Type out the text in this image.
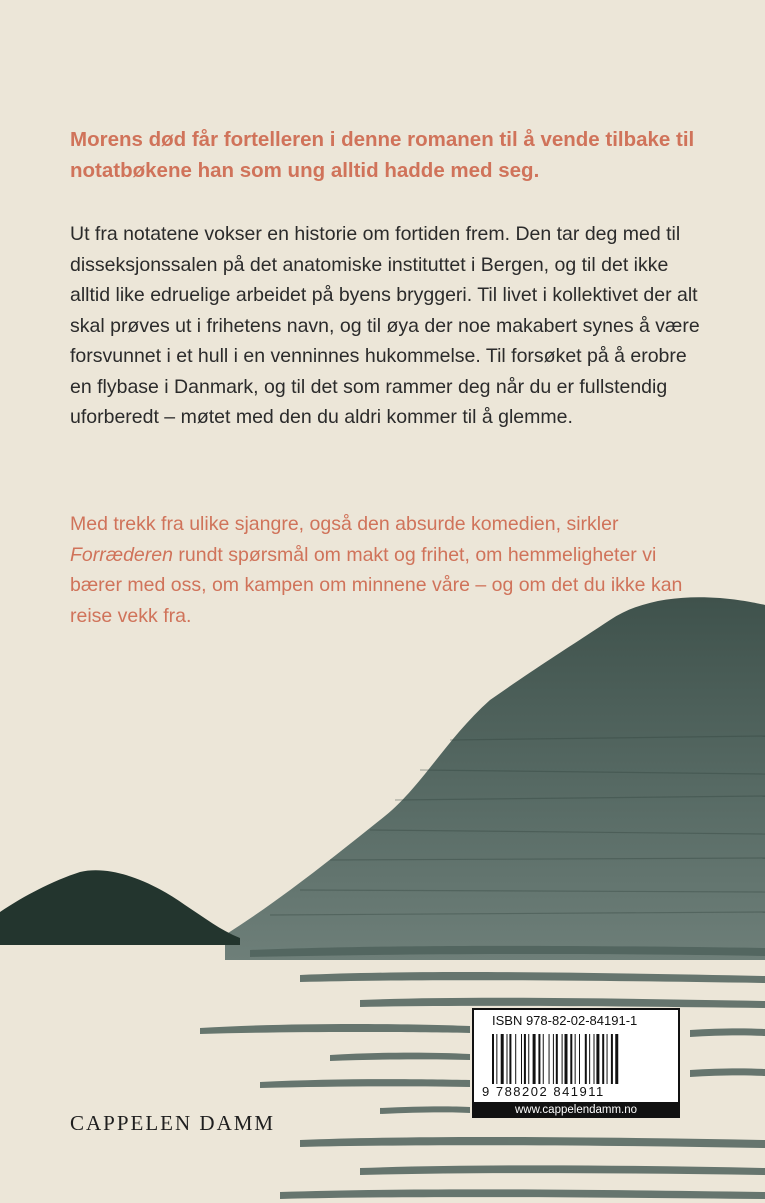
Morens død får fortelleren i denne romanen til å vende tilbake til notatbøkene han som ung alltid hadde med seg.

Ut fra notatene vokser en historie om fortiden frem. Den tar deg med til disseksjonssalen på det anatomiske instituttet i Bergen, og til det ikke alltid like edruelige arbeidet på byens bryggeri. Til livet i kollektivet der alt skal prøves ut i frihetens navn, og til øya der noe makabert synes å være forsvunnet i et hull i en venninnes hukommelse. Til forsøket på å erobre en flybase i Danmark, og til det som rammer deg når du er fullstendig uforberedt – møtet med den du aldri kommer til å glemme.

Med trekk fra ulike sjangre, også den absurde komedien, sirkler Forræderen rundt spørsmål om makt og frihet, om hemmeligheter vi bærer med oss, om kampen om minnene våre – og om det du ikke kan reise vekk fra.

ISBN 978-82-02-84191-1
9 788202 841911
www.cappelendamm.no
CAPPELEN DAMM
